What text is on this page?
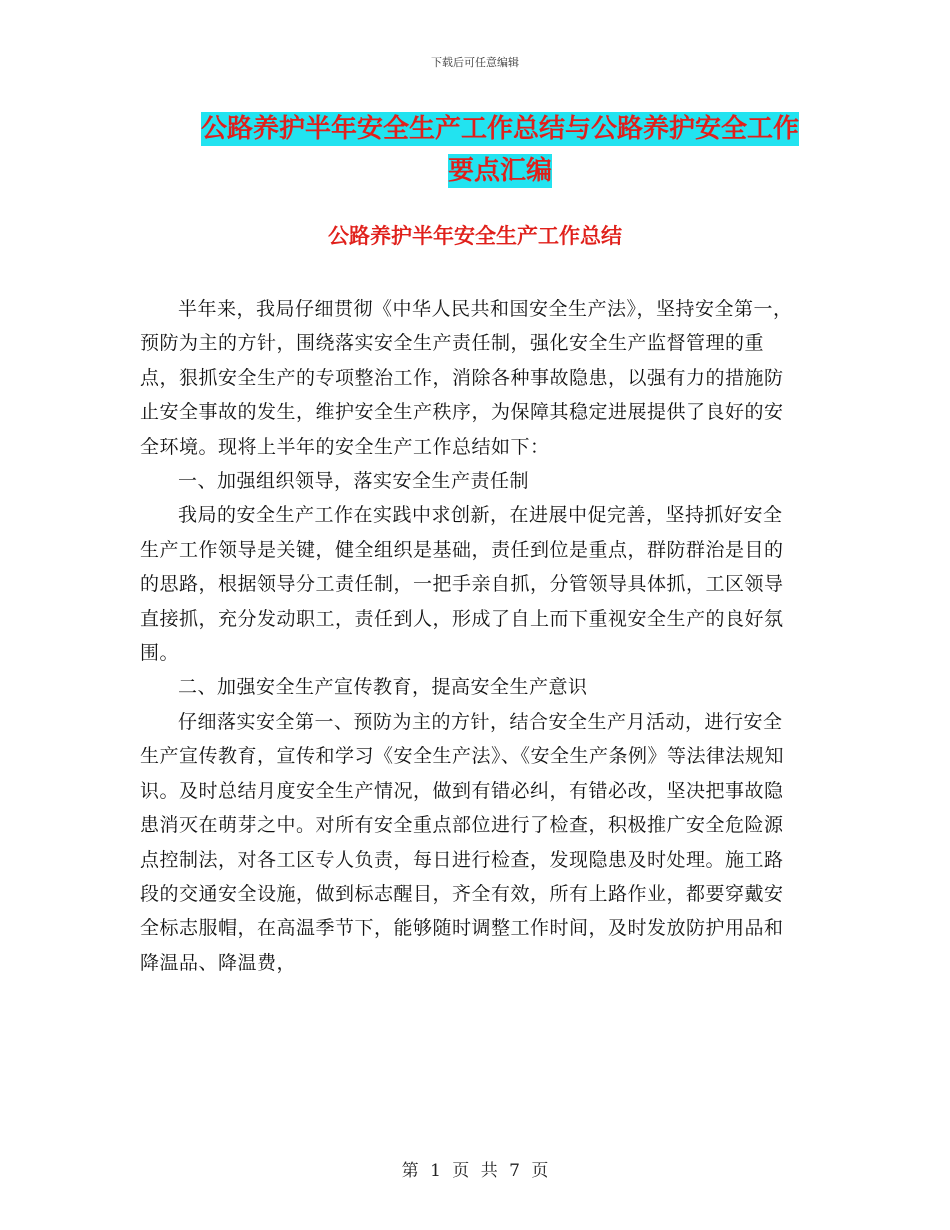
下载后可任意编辑
公路养护半年安全生产工作总结与公路养护安全工作
要点汇编
公路养护半年安全生产工作总结

半年来，我局仔细贯彻《中华人民共和国安全生产法》，坚持安全第一，预防为主的方针，围绕落实安全生产责任制，强化安全生产监督管理的重点，狠抓安全生产的专项整治工作，消除各种事故隐患，以强有力的措施防止安全事故的发生，维护安全生产秩序，为保障其稳定进展提供了良好的安全环境。现将上半年的安全生产工作总结如下：

一、加强组织领导，落实安全生产责任制

我局的安全生产工作在实践中求创新，在进展中促完善，坚持抓好安全生产工作领导是关键，健全组织是基础，责任到位是重点，群防群治是目的的思路，根据领导分工责任制，一把手亲自抓，分管领导具体抓，工区领导直接抓，充分发动职工，责任到人，形成了自上而下重视安全生产的良好氛围。

二、加强安全生产宣传教育，提高安全生产意识

仔细落实安全第一、预防为主的方针，结合安全生产月活动，进行安全生产宣传教育，宣传和学习《安全生产法》、《安全生产条例》等法律法规知识。及时总结月度安全生产情况，做到有错必纠，有错必改，坚决把事故隐患消灭在萌芽之中。对所有安全重点部位进行了检查，积极推广安全危险源点控制法，对各工区专人负责，每日进行检查，发现隐患及时处理。施工路段的交通安全设施，做到标志醒目，齐全有效，所有上路作业，都要穿戴安全标志服帽，在高温季节下，能够随时调整工作时间，及时发放防护用品和降温品、降温费，

第 1 页 共 7 页
